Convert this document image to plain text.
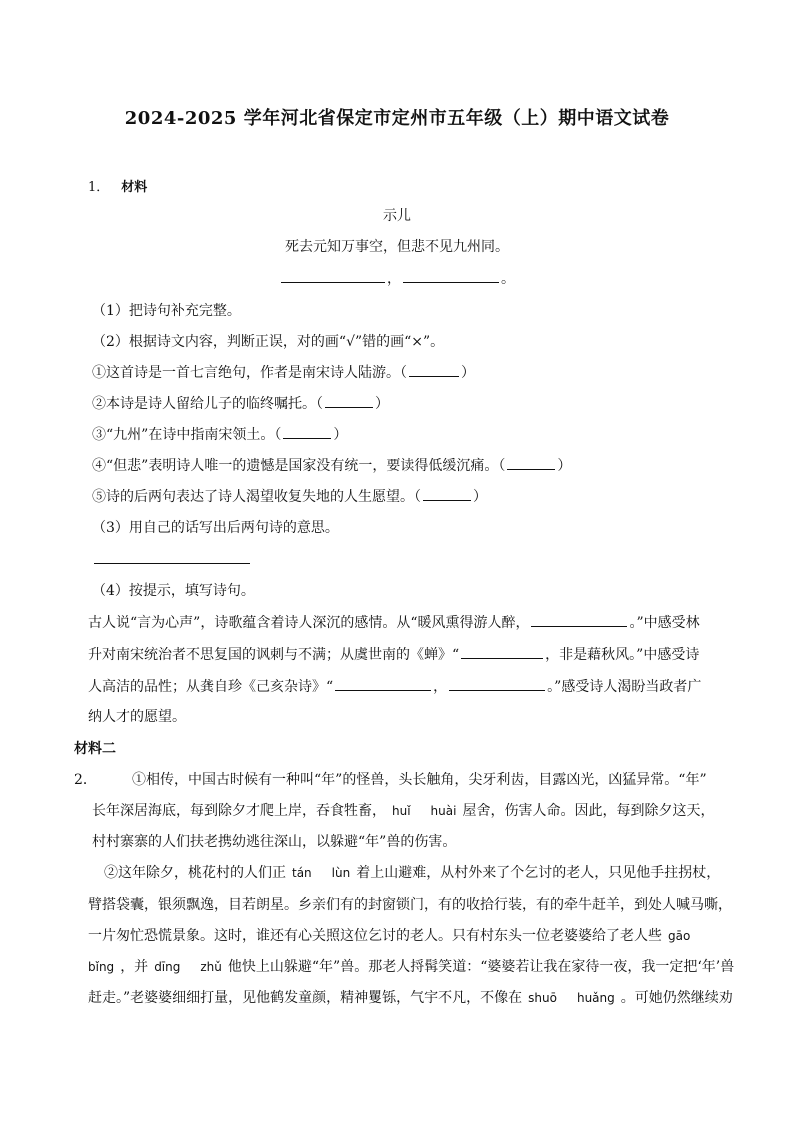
2024-2025 学年河北省保定市定州市五年级（上）期中语文试卷
1． 材料
示儿
死去元知万事空，但悲不见九州同。
，	。
（1）把诗句补充完整。
（2）根据诗文内容，判断正误，对的画“√”错的画“×”。
①这首诗是一首七言绝句，作者是南宋诗人陆游。（	）
②本诗是诗人留给儿子的临终嘱托。（	）
③“九州”在诗中指南宋领土。（	）
④“但悲”表明诗人唯一的遗憾是国家没有统一，要读得低缓沉痛。（	）
⑤诗的后两句表达了诗人渴望收复失地的人生愿望。（	）
（3）用自己的话写出后两句诗的意思。
（4）按提示，填写诗句。
古人说“言为心声”，诗歌蕴含着诗人深沉的感情。从“暖风熏得游人醉，	。”中感受林
升对南宋统治者不思复国的讽刺与不满；从虞世南的《蝉》“	，非是藉秋风。”中感受诗
人高洁的品性；从龚自珍《己亥杂诗》“	，	。”感受诗人渴盼当政者广
纳人才的愿望。
材料二
2．	①相传，中国古时候有一种叫“年”的怪兽，头长触角，尖牙利齿，目露凶光，凶猛异常。“年”
长年深居海底，每到除夕才爬上岸，吞食牲畜， huǐ huài 屋舍，伤害人命。因此，每到除夕这天，
村村寨寨的人们扶老携幼逃往深山，以躲避“年”兽的伤害。
②这年除夕，桃花村的人们正 tán lùn 着上山避难，从村外来了个乞讨的老人，只见他手拄拐杖，
臂搭袋囊，银须飘逸，目若朗星。乡亲们有的封窗锁门，有的收拾行装，有的牵牛赶羊，到处人喊马嘶，
一片匆忙恐慌景象。这时，谁还有心关照这位乞讨的老人。只有村东头一位老婆婆给了老人些 gāo
bǐng ，并 dīng zhǔ 他快上山躲避“年”兽。那老人捋髯笑道：“婆婆若让我在家待一夜，我一定把‘年’兽
赶走。”老婆婆细细打量，见他鹤发童颜，精神矍铄，气宇不凡，不像在 shuō huǎng 。可她仍然继续劝
